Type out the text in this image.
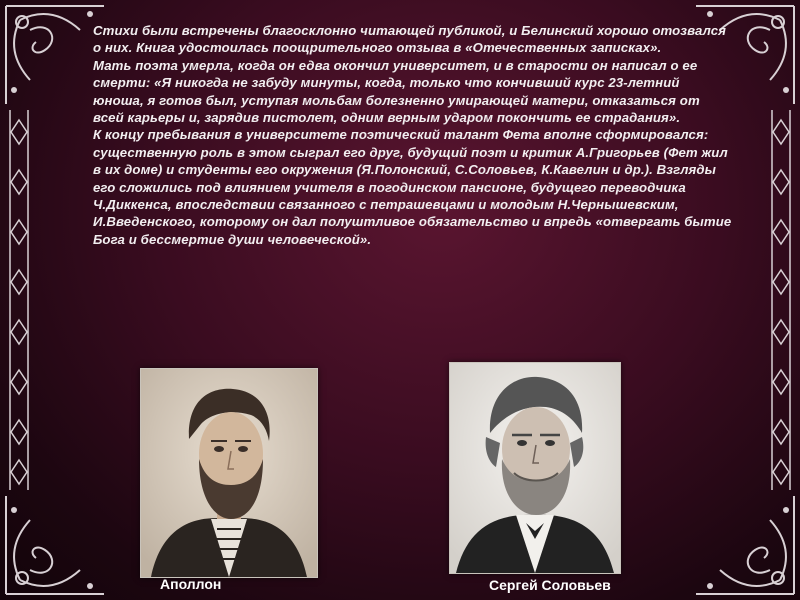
Стихи были встречены благосклонно читающей публикой, и Белинский хорошо отозвался о них. Книга удостоилась поощрительного отзыва в «Отечественных записках».

Мать поэта умерла, когда он едва окончил университет, и в старости он написал о ее смерти: «Я никогда не забуду минуты, когда, только что кончивший курс 23-летний юноша, я готов был, уступая мольбам болезненно умирающей матери, отказаться от всей карьеры и, зарядив пистолет, одним верным ударом покончить ее страдания».

К концу пребывания в университете поэтический талант Фета вполне сформировался: существенную роль в этом сыграл его друг, будущий поэт и критик А.Григорьев (Фет жил в их доме) и студенты его окружения (Я.Полонский, С.Соловьев, К.Кавелин и др.). Взгляды его сложились под влиянием учителя в погодинском пансионе, будущего переводчика Ч.Диккенса, впоследствии связанного с петрашевцами и молодым Н.Чернышевским, И.Введенского, которому он дал полуштливое обязательство и впредь «отвергать бытие Бога и бессмертие души человеческой».

Аполлон	Сергей Соловьев
